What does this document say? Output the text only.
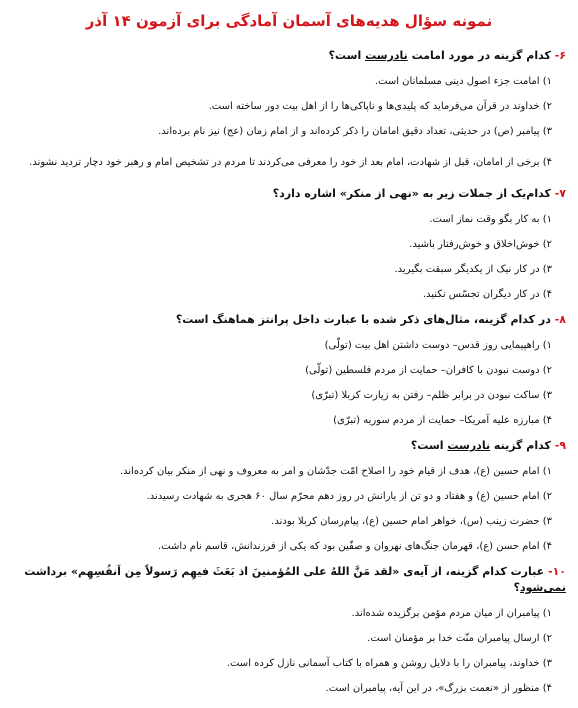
نمونه سؤال هدیه‌های آسمان آمادگی برای آزمون ۱۴ آذر
۶- کدام گزینه در مورد امامت نادرست است؟
۱) امامت جزء اصول دینی مسلمانان است.
۲) خداوند در قرآن می‌فرماید که پلیدی‌ها و ناپاکی‌ها را از اهل بیت دور ساخته است.
۳) پیامبر (ص) در حدیثی، تعداد دقیق امامان را ذکر کرده‌اند و از امام زمان (عج) نیز نام برده‌اند.
۴) برخی از امامان، قبل از شهادت، امام بعد از خود را معرفی می‌کردند تا مردم در تشخیص امام و رهبر خود دچار تردید نشوند.
۷- کدام‌یک از جملات زیر به «نهی از منکر» اشاره دارد؟
۱) به کار بگو وقت نماز است.
۲) خوش‌اخلاق و خوش‌رفتار باشید.
۳) در کار نیک از یکدیگر سبقت بگیرید.
۴) در کار دیگران تجسّس نکنید.
۸- در کدام گزینه، مثال‌های ذکر شده با عبارت داخل پرانتز هماهنگ است؟
۱) راهپیمایی روز قدس– دوست داشتن اهل بیت (تولّی)
۲) دوست نبودن با کافران– حمایت از مردم فلسطین (تولّی)
۳) ساکت نبودن در برابر ظلم– رفتن به زیارت کربلا (تبرّی)
۴) مبارزه علیه آمریکا– حمایت از مردم سوریه (تبرّی)
۹- کدام گزینه نادرست است؟
۱) امام حسین (ع)، هدف از قیام خود را اصلاح امّت جدّشان و امر به معروف و نهی از منکر بیان کرده‌اند.
۲) امام حسین (ع) و هفتاد و دو تن از یارانش در روز دهم محرّم سال ۶۰ هجری به شهادت رسیدند.
۳) حضرت زینب (س)، خواهر امام حسین (ع)، پیام‌رسان کربلا بودند.
۴) امام حسن (ع)، قهرمان جنگ‌های نهروان و صفّین بود که یکی از فرزندانش، قاسم نام داشت.
۱۰- عبارت کدام گزینه، از آیه‌ی «لقد مَنَّ اللهُ علی المُؤمنینَ اذ بَعَثَ فیهِم رَسولاً مِن اَنفُسِهِم» برداشت نمی‌شود؟
۱) پیامبران از میان مردم مؤمن برگزیده شده‌اند.
۲) ارسال پیامبران منّت خدا بر مؤمنان است.
۳) خداوند، پیامبران را با دلایل روشن و همراه با کتاب آسمانی نازل کرده است.
۴) منظور از «نعمت بزرگ»، در این آیه، پیامبران است.
